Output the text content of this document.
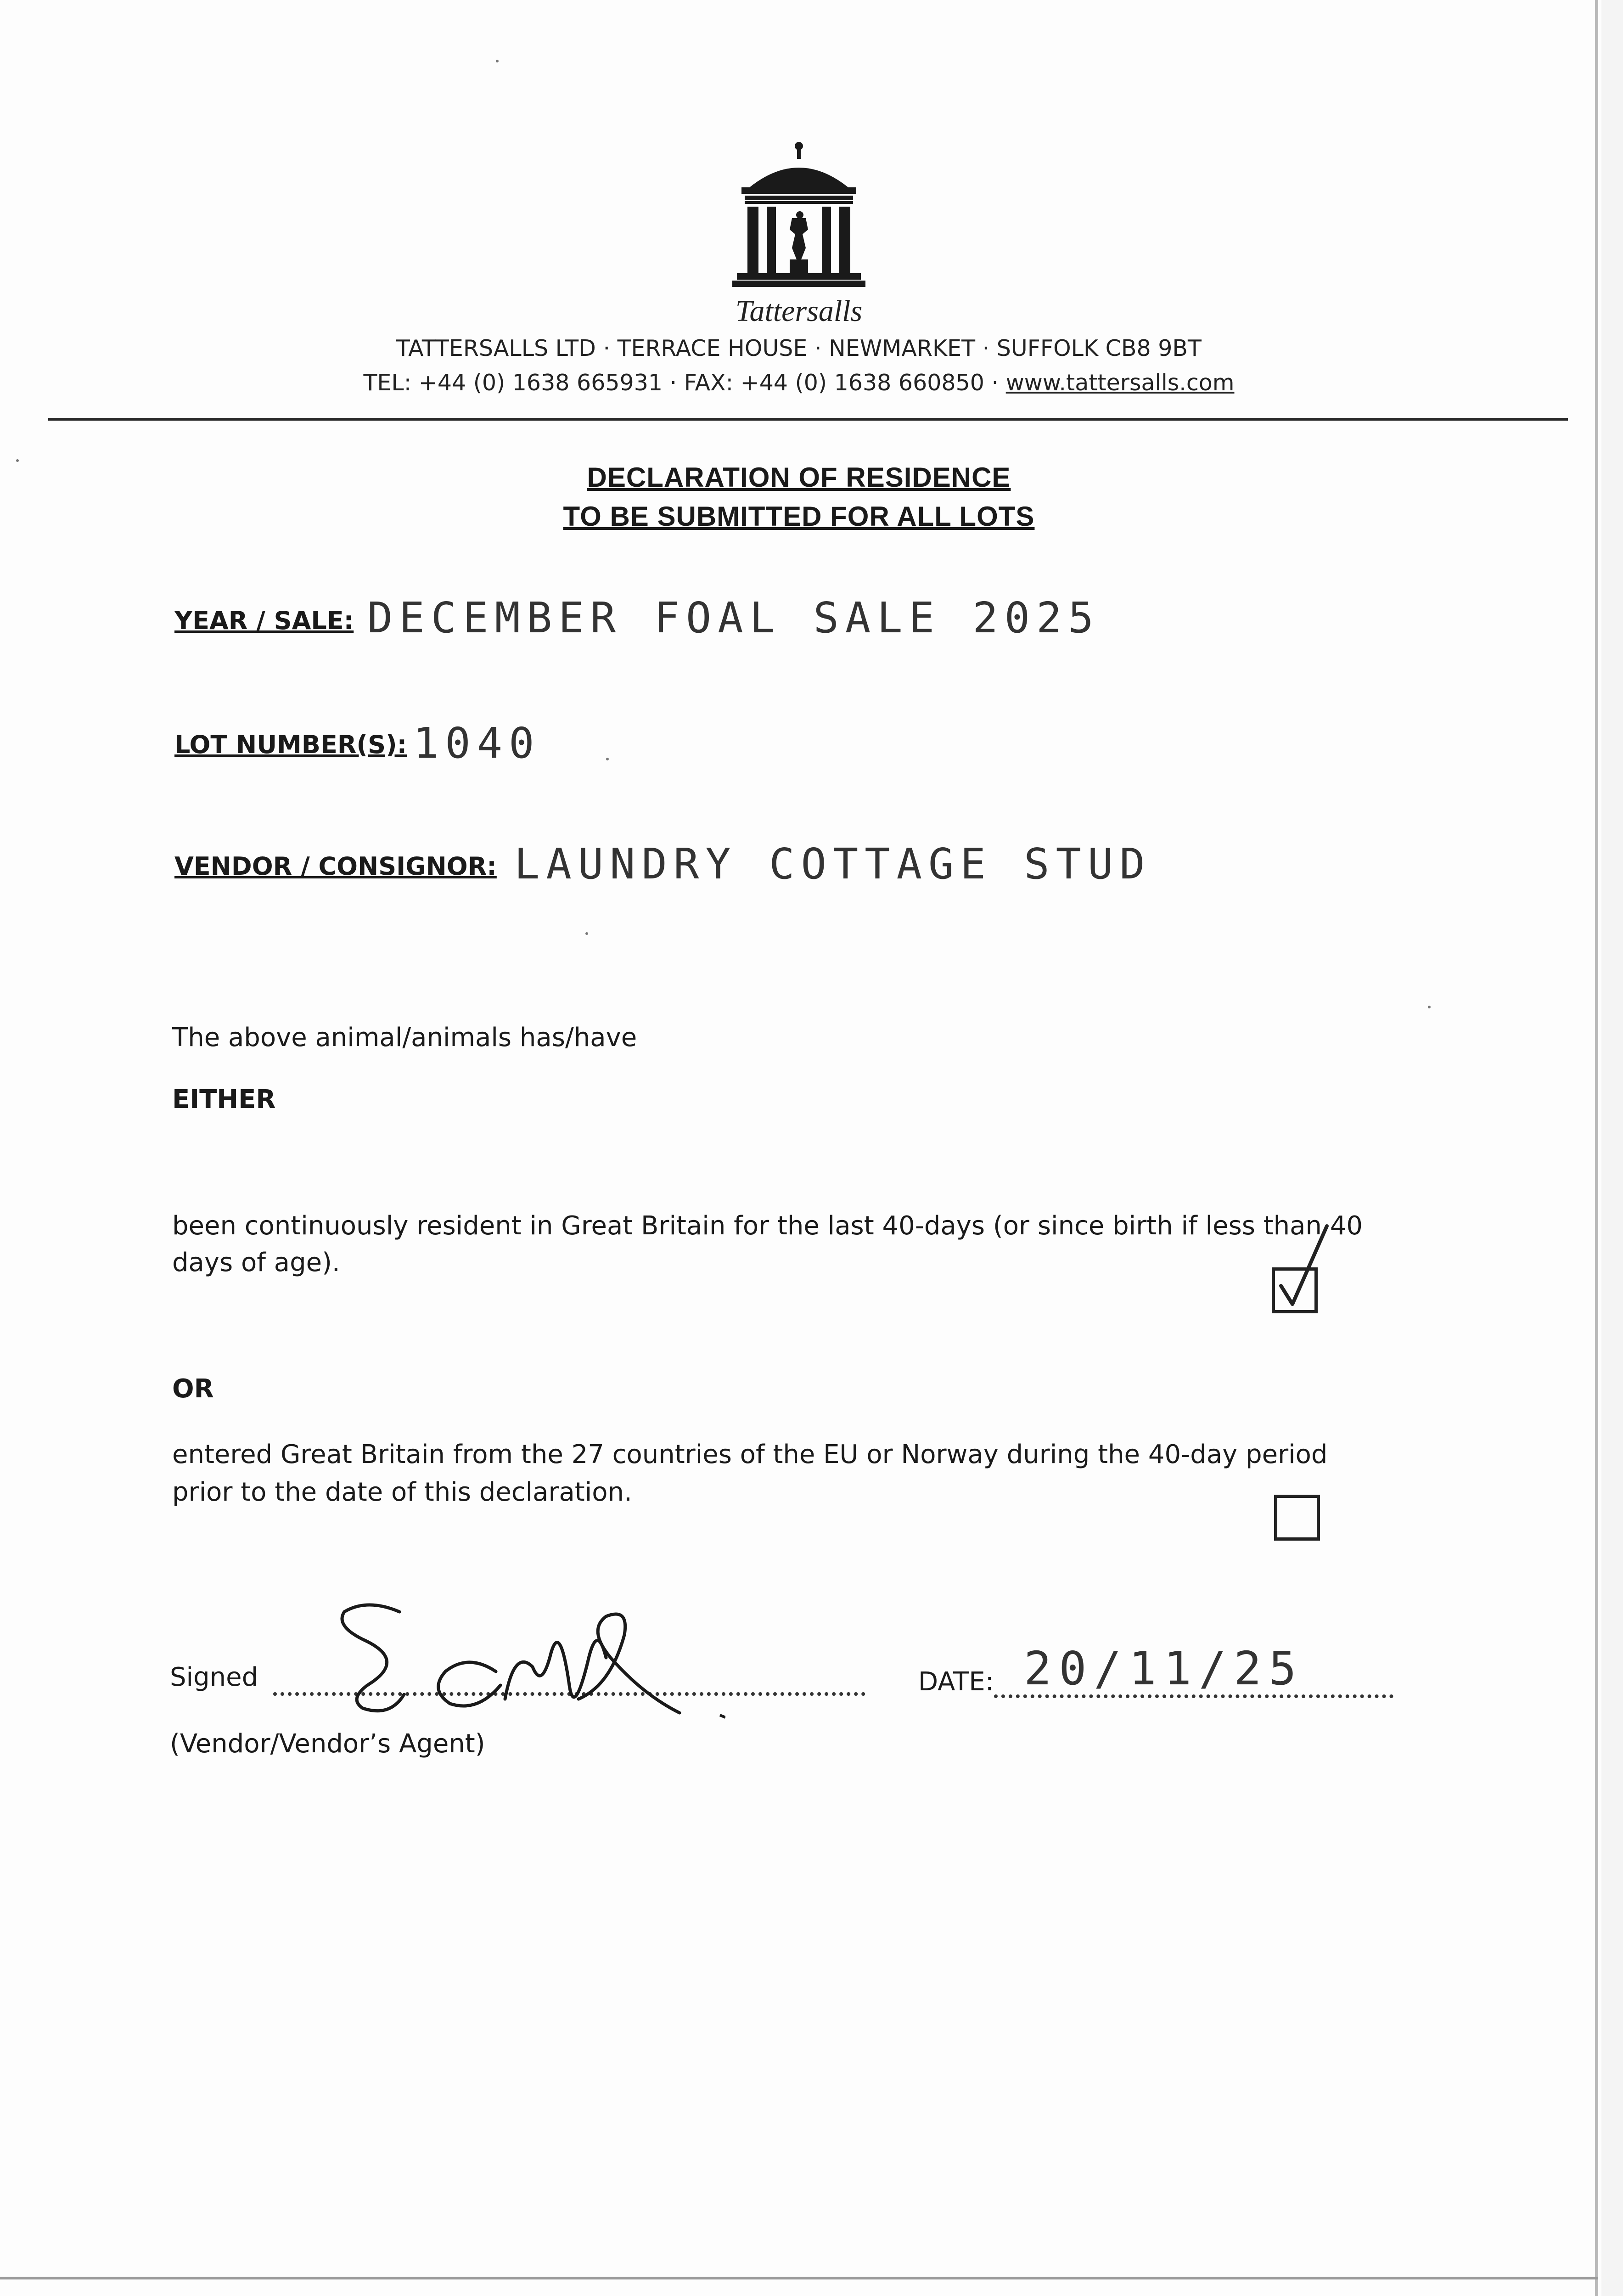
Tattersalls
TATTERSALLS LTD · TERRACE HOUSE · NEWMARKET · SUFFOLK CB8 9BT
TEL: +44 (0) 1638 665931 · FAX: +44 (0) 1638 660850 · www.tattersalls.com
DECLARATION OF RESIDENCE
TO BE SUBMITTED FOR ALL LOTS
YEAR / SALE: DECEMBER FOAL SALE 2025
LOT NUMBER(S): 1040
VENDOR / CONSIGNOR: LAUNDRY COTTAGE STUD
The above animal/animals has/have
EITHER
been continuously resident in Great Britain for the last 40-days (or since birth if less than 40
days of age).
OR
entered Great Britain from the 27 countries of the EU or Norway during the 40-day period
prior to the date of this declaration.
Signed
(Vendor/Vendor’s Agent)
DATE: 20/11/25
